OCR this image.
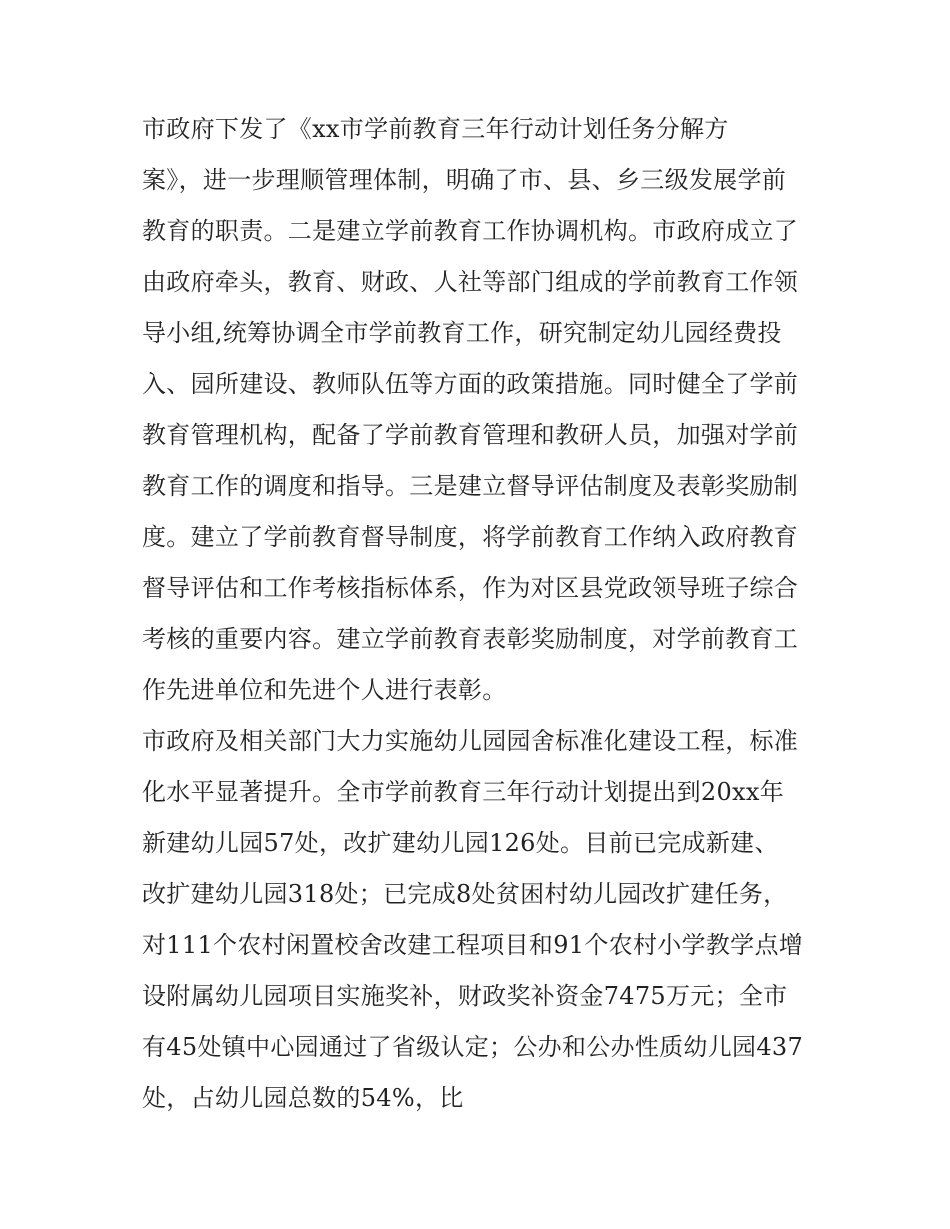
市政府下发了《xx市学前教育三年行动计划任务分解方
案》，进一步理顺管理体制，明确了市、县、乡三级发展学前
教育的职责。二是建立学前教育工作协调机构。市政府成立了
由政府牵头，教育、财政、人社等部门组成的学前教育工作领
导小组,统筹协调全市学前教育工作，研究制定幼儿园经费投
入、园所建设、教师队伍等方面的政策措施。同时健全了学前
教育管理机构，配备了学前教育管理和教研人员，加强对学前
教育工作的调度和指导。三是建立督导评估制度及表彰奖励制
度。建立了学前教育督导制度，将学前教育工作纳入政府教育
督导评估和工作考核指标体系，作为对区县党政领导班子综合
考核的重要内容。建立学前教育表彰奖励制度，对学前教育工
作先进单位和先进个人进行表彰。
市政府及相关部门大力实施幼儿园园舍标准化建设工程，标准
化水平显著提升。全市学前教育三年行动计划提出到20xx年
新建幼儿园57处，改扩建幼儿园126处。目前已完成新建、
改扩建幼儿园318处；已完成8处贫困村幼儿园改扩建任务，
对111个农村闲置校舍改建工程项目和91个农村小学教学点增
设附属幼儿园项目实施奖补，财政奖补资金7475万元；全市
有45处镇中心园通过了省级认定；公办和公办性质幼儿园437
处，占幼儿园总数的54%，比
